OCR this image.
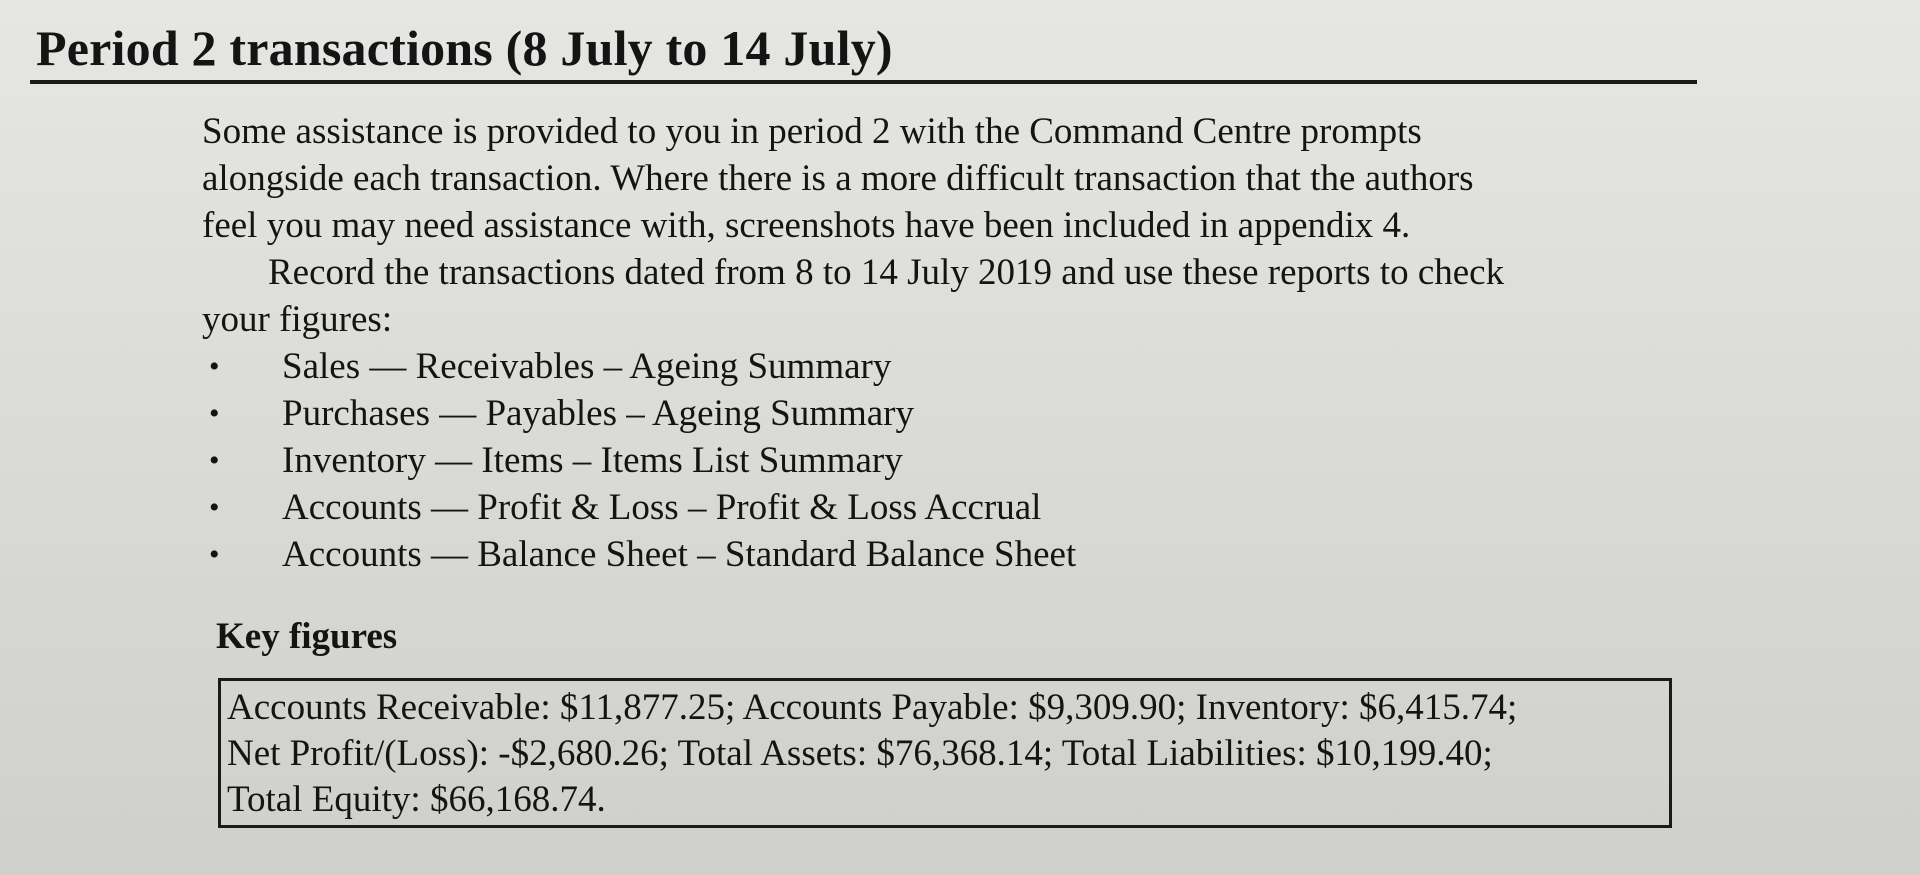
Period 2 transactions (8 July to 14 July)

Some assistance is provided to you in period 2 with the Command Centre prompts

alongside each transaction. Where there is a more difficult transaction that the authors

feel you may need assistance with, screenshots have been included in appendix 4.

Record the transactions dated from 8 to 14 July 2019 and use these reports to check

your figures:

• Sales — Receivables – Ageing Summary
• Purchases — Payables – Ageing Summary
• Inventory — Items – Items List Summary
• Accounts — Profit & Loss – Profit & Loss Accrual
• Accounts — Balance Sheet – Standard Balance Sheet
Key figures
Accounts Receivable: $11,877.25; Accounts Payable: $9,309.90; Inventory: $6,415.74;
Net Profit/(Loss): -$2,680.26; Total Assets: $76,368.14; Total Liabilities: $10,199.40;
Total Equity: $66,168.74.
